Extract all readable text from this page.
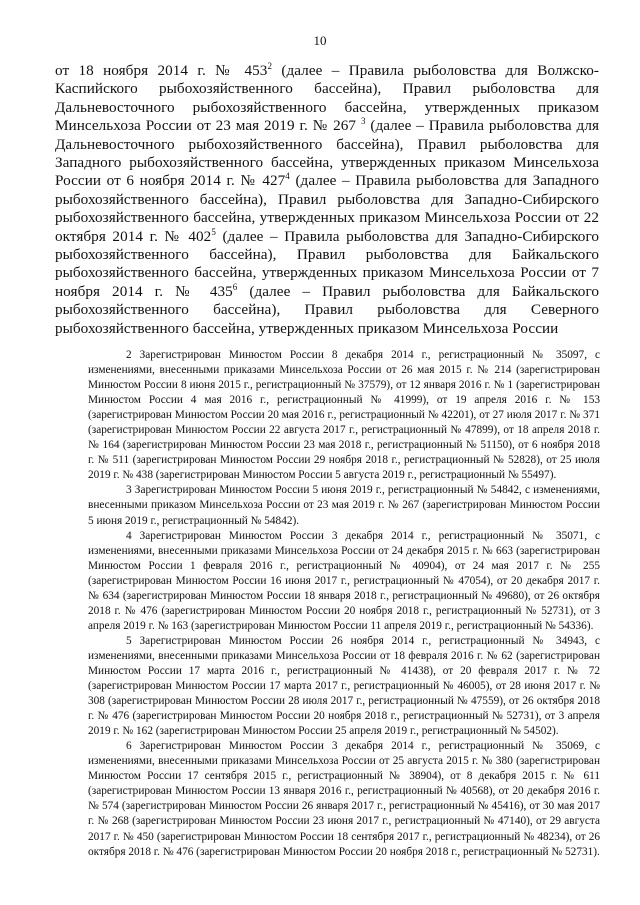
10
от 18 ноября 2014 г. № $453^2$ (далее – Правила рыболовства для Волжско-Каспийского рыбохозяйственного бассейна), Правил рыболовства для Дальневосточного рыбохозяйственного бассейна, утвержденных приказом Минсельхоза России от 23 мая 2019 г. № 267 $^3$ (далее – Правила рыболовства для Дальневосточного рыбохозяйственного бассейна), Правил рыболовства для Западного рыбохозяйственного бассейна, утвержденных приказом Минсельхоза России от 6 ноября 2014 г. № $427^4$ (далее – Правила рыболовства для Западного рыбохозяйственного бассейна), Правил рыболовства для Западно-Сибирского рыбохозяйственного бассейна, утвержденных приказом Минсельхоза России от 22 октября 2014 г. № $402^5$ (далее – Правила рыболовства для Западно-Сибирского рыбохозяйственного бассейна), Правил рыболовства для Байкальского рыбохозяйственного бассейна, утвержденных приказом Минсельхоза России от 7 ноября 2014 г. № $435^6$ (далее – Правил рыболовства для Байкальского рыбохозяйственного бассейна), Правил рыболовства для Северного рыбохозяйственного бассейна, утвержденных приказом Минсельхоза России

2 Зарегистрирован Минюстом России 8 декабря 2014 г., регистрационный № 35097, с изменениями, внесенными приказами Минсельхоза России от 26 мая 2015 г. № 214 (зарегистрирован Минюстом России 8 июня 2015 г., регистрационный № 37579), от 12 января 2016 г. № 1 (зарегистрирован Минюстом России 4 мая 2016 г., регистрационный № 41999), от 19 апреля 2016 г. № 153 (зарегистрирован Минюстом России 20 мая 2016 г., регистрационный № 42201), от 27 июля 2017 г. № 371 (зарегистрирован Минюстом России 22 августа 2017 г., регистрационный № 47899), от 18 апреля 2018 г. № 164 (зарегистрирован Минюстом России 23 мая 2018 г., регистрационный № 51150), от 6 ноября 2018 г. № 511 (зарегистрирован Минюстом России 29 ноября 2018 г., регистрационный № 52828), от 25 июля 2019 г. № 438 (зарегистрирован Минюстом России 5 августа 2019 г., регистрационный № 55497).

3 Зарегистрирован Минюстом России 5 июня 2019 г., регистрационный № 54842, с изменениями, внесенными приказом Минсельхоза России от 23 мая 2019 г. № 267 (зарегистрирован Минюстом России 5 июня 2019 г., регистрационный № 54842).

4 Зарегистрирован Минюстом России 3 декабря 2014 г., регистрационный № 35071, с изменениями, внесенными приказами Минсельхоза России от 24 декабря 2015 г. № 663 (зарегистрирован Минюстом России 1 февраля 2016 г., регистрационный № 40904), от 24 мая 2017 г. № 255 (зарегистрирован Минюстом России 16 июня 2017 г., регистрационный № 47054), от 20 декабря 2017 г. № 634 (зарегистрирован Минюстом России 18 января 2018 г., регистрационный № 49680), от 26 октября 2018 г. № 476 (зарегистрирован Минюстом России 20 ноября 2018 г., регистрационный № 52731), от 3 апреля 2019 г. № 163 (зарегистрирован Минюстом России 11 апреля 2019 г., регистрационный № 54336).

5 Зарегистрирован Минюстом России 26 ноября 2014 г., регистрационный № 34943, с изменениями, внесенными приказами Минсельхоза России от 18 февраля 2016 г. № 62 (зарегистрирован Минюстом России 17 марта 2016 г., регистрационный № 41438), от 20 февраля 2017 г. № 72 (зарегистрирован Минюстом России 17 марта 2017 г., регистрационный № 46005), от 28 июня 2017 г. № 308 (зарегистрирован Минюстом России 28 июля 2017 г., регистрационный № 47559), от 26 октября 2018 г. № 476 (зарегистрирован Минюстом России 20 ноября 2018 г., регистрационный № 52731), от 3 апреля 2019 г. № 162 (зарегистрирован Минюстом России 25 апреля 2019 г., регистрационный № 54502).

6 Зарегистрирован Минюстом России 3 декабря 2014 г., регистрационный № 35069, с изменениями, внесенными приказами Минсельхоза России от 25 августа 2015 г. № 380 (зарегистрирован Минюстом России 17 сентября 2015 г., регистрационный № 38904), от 8 декабря 2015 г. № 611 (зарегистрирован Минюстом России 13 января 2016 г., регистрационный № 40568), от 20 декабря 2016 г. № 574 (зарегистрирован Минюстом России 26 января 2017 г., регистрационный № 45416), от 30 мая 2017 г. № 268 (зарегистрирован Минюстом России 23 июня 2017 г., регистрационный № 47140), от 29 августа 2017 г. № 450 (зарегистрирован Минюстом России 18 сентября 2017 г., регистрационный № 48234), от 26 октября 2018 г. № 476 (зарегистрирован Минюстом России 20 ноября 2018 г., регистрационный № 52731).
